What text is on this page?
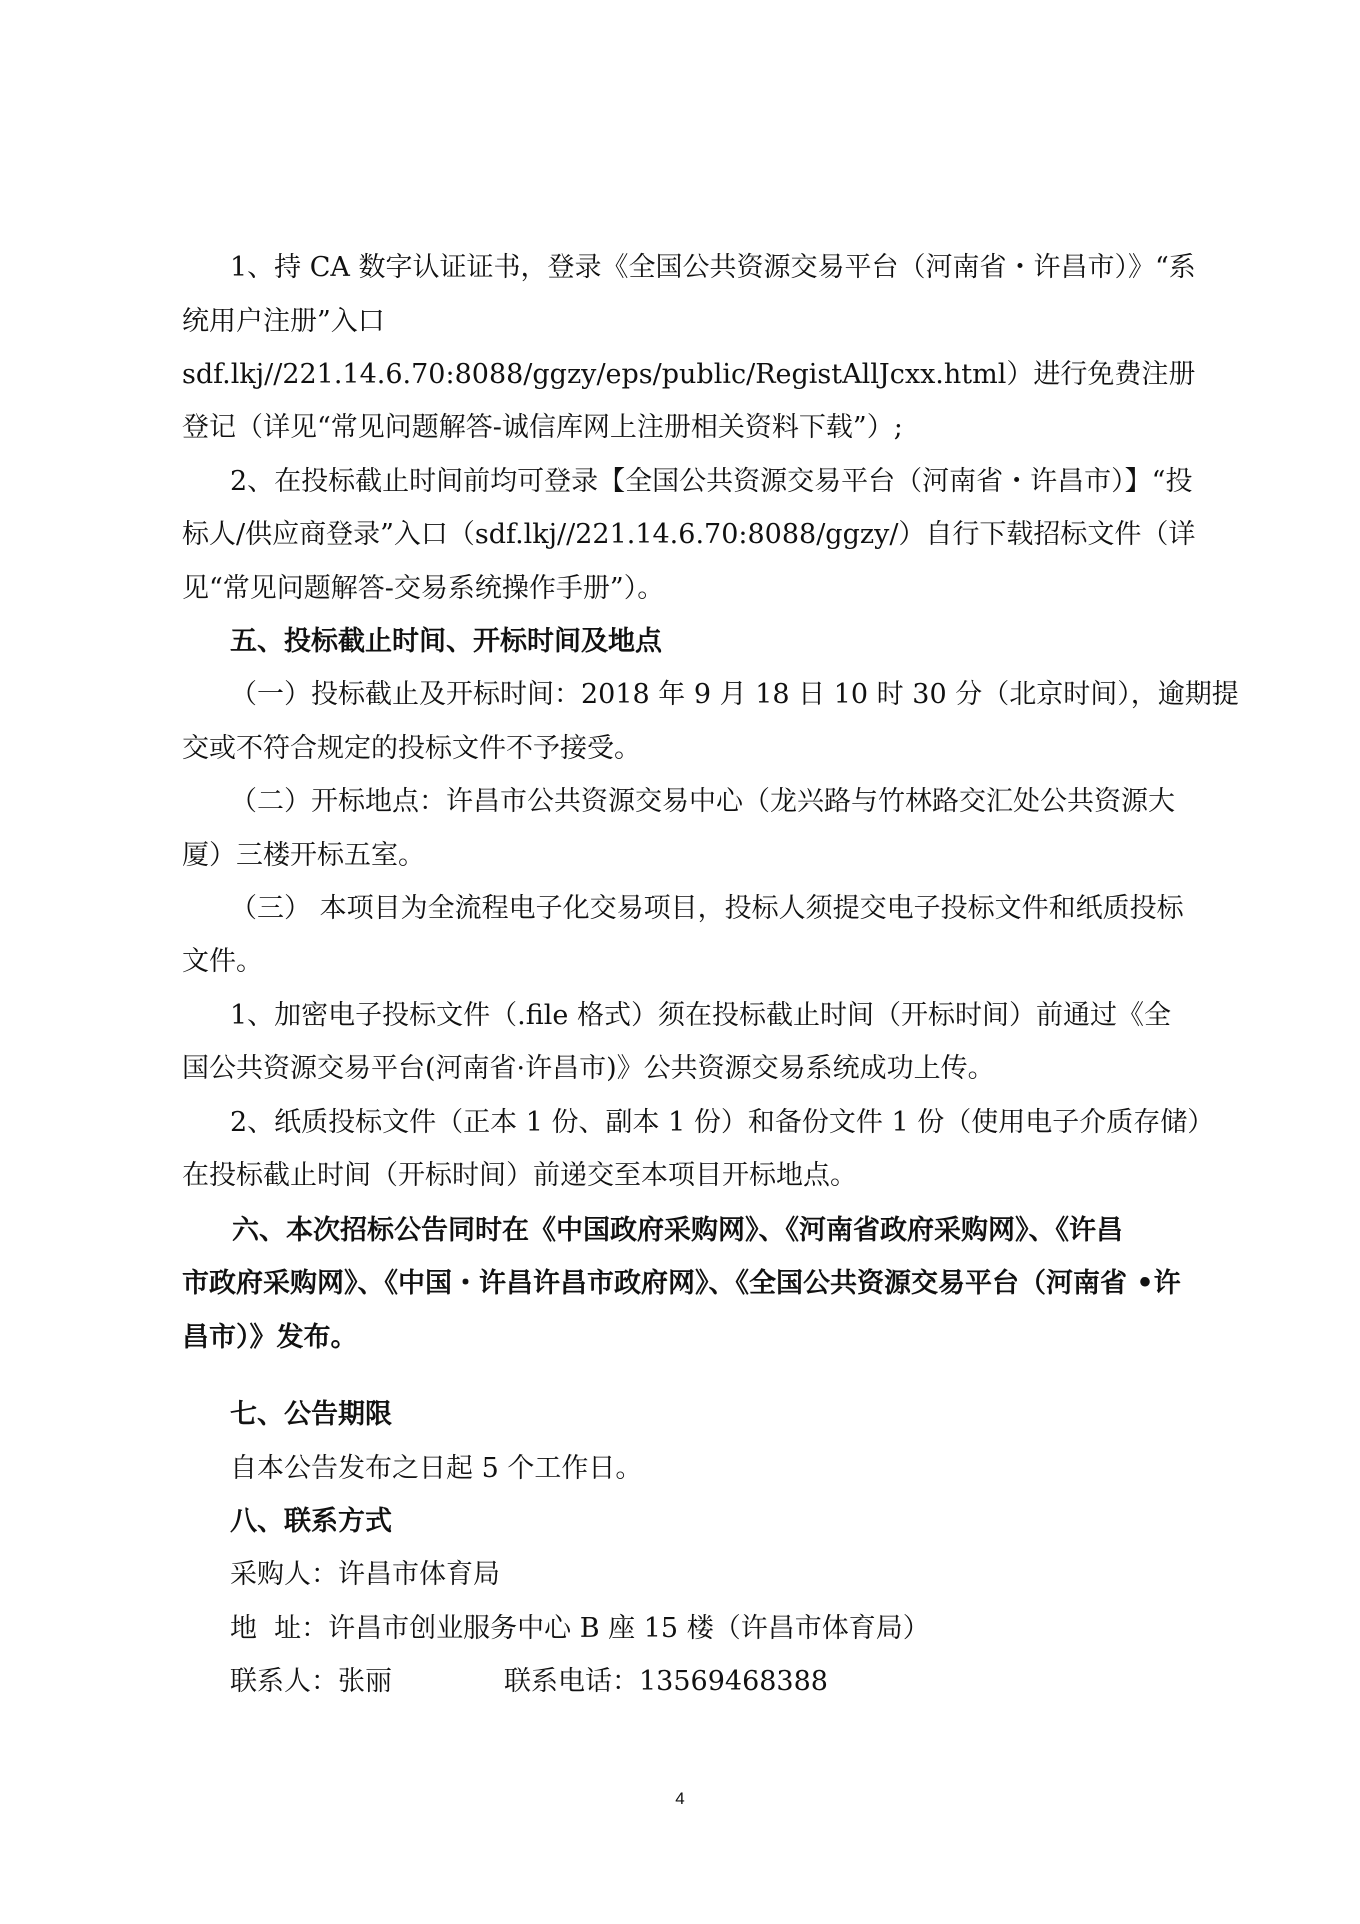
1、持 CA 数字认证证书，登录《全国公共资源交易平台（河南省・许昌市）》“系
统用户注册”入口
sdf.lkj//221.14.6.70:8088/ggzy/eps/public/RegistAllJcxx.html）进行免费注册
登记（详见“常见问题解答-诚信库网上注册相关资料下载”）;
2、在投标截止时间前均可登录【全国公共资源交易平台（河南省・许昌市）】“投
标人/供应商登录”入口（sdf.lkj//221.14.6.70:8088/ggzy/）自行下载招标文件（详
见“常见问题解答-交易系统操作手册”）。
五、投标截止时间、开标时间及地点
（一）投标截止及开标时间：2018 年 9 月 18 日 10 时 30 分（北京时间），逾期提
交或不符合规定的投标文件不予接受。
（二）开标地点：许昌市公共资源交易中心（龙兴路与竹林路交汇处公共资源大
厦）三楼开标五室。
（三） 本项目为全流程电子化交易项目，投标人须提交电子投标文件和纸质投标
文件。
1、加密电子投标文件（.file 格式）须在投标截止时间（开标时间）前通过《全
国公共资源交易平台(河南省·许昌市)》公共资源交易系统成功上传。
2、纸质投标文件（正本 1 份、副本 1 份）和备份文件 1 份（使用电子介质存储）
在投标截止时间（开标时间）前递交至本项目开标地点。
六、本次招标公告同时在《中国政府采购网》、《河南省政府采购网》、《许昌
市政府采购网》、《中国・许昌许昌市政府网》、《全国公共资源交易平台（河南省 •许
昌市）》发布。
七、公告期限
自本公告发布之日起 5 个工作日。
八、联系方式
采购人：许昌市体育局
地  址：许昌市创业服务中心 B 座 15 楼（许昌市体育局）
联系人：张丽	联系电话：13569468388
4
